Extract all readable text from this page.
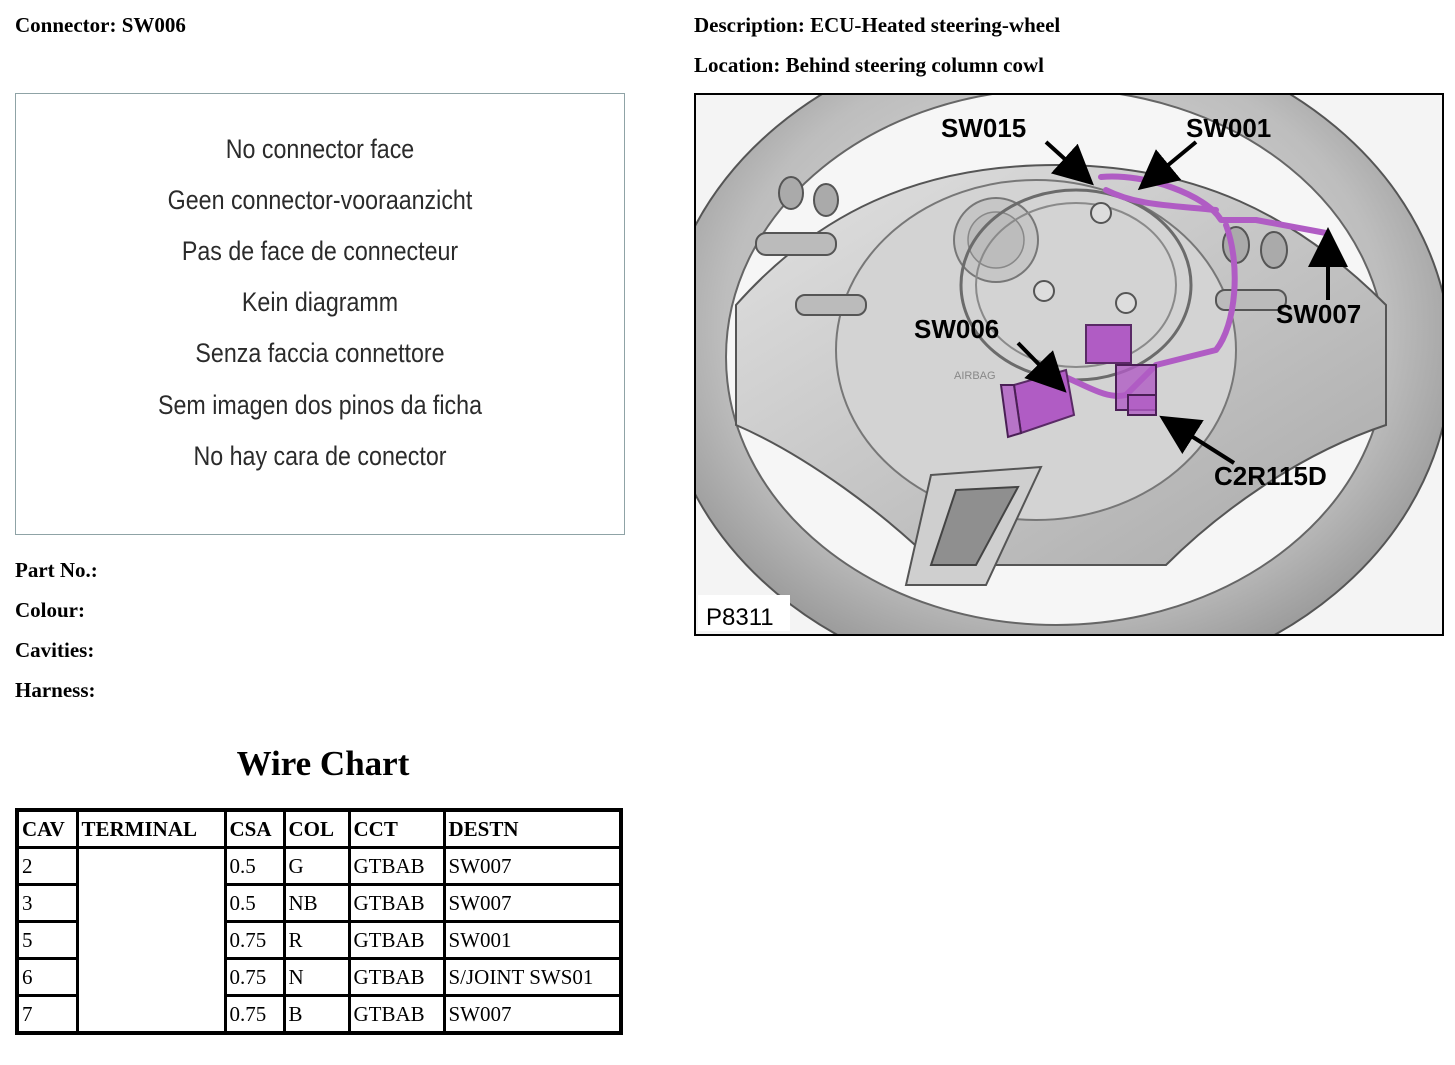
Connector: SW006	Description: ECU-Heated steering-wheel
Location: Behind steering column cowl
No connector face
Geen connector-vooraanzicht
Pas de face de connecteur
Kein diagramm
Senza faccia connettore
Sem imagen dos pinos da ficha
No hay cara de conector
Part No.:
Colour:
Cavities:
Harness:
Wire Chart
CAV	TERMINAL	CSA	COL	CCT	DESTN
2		0.5	G	GTBAB	SW007
3		0.5	NB	GTBAB	SW007
5		0.75	R	GTBAB	SW001
6		0.75	N	GTBAB	S/JOINT SWS01
7		0.75	B	GTBAB	SW007
AIRBAG
SW015	SW001
SW007
SW006
C2R115D
P8311
